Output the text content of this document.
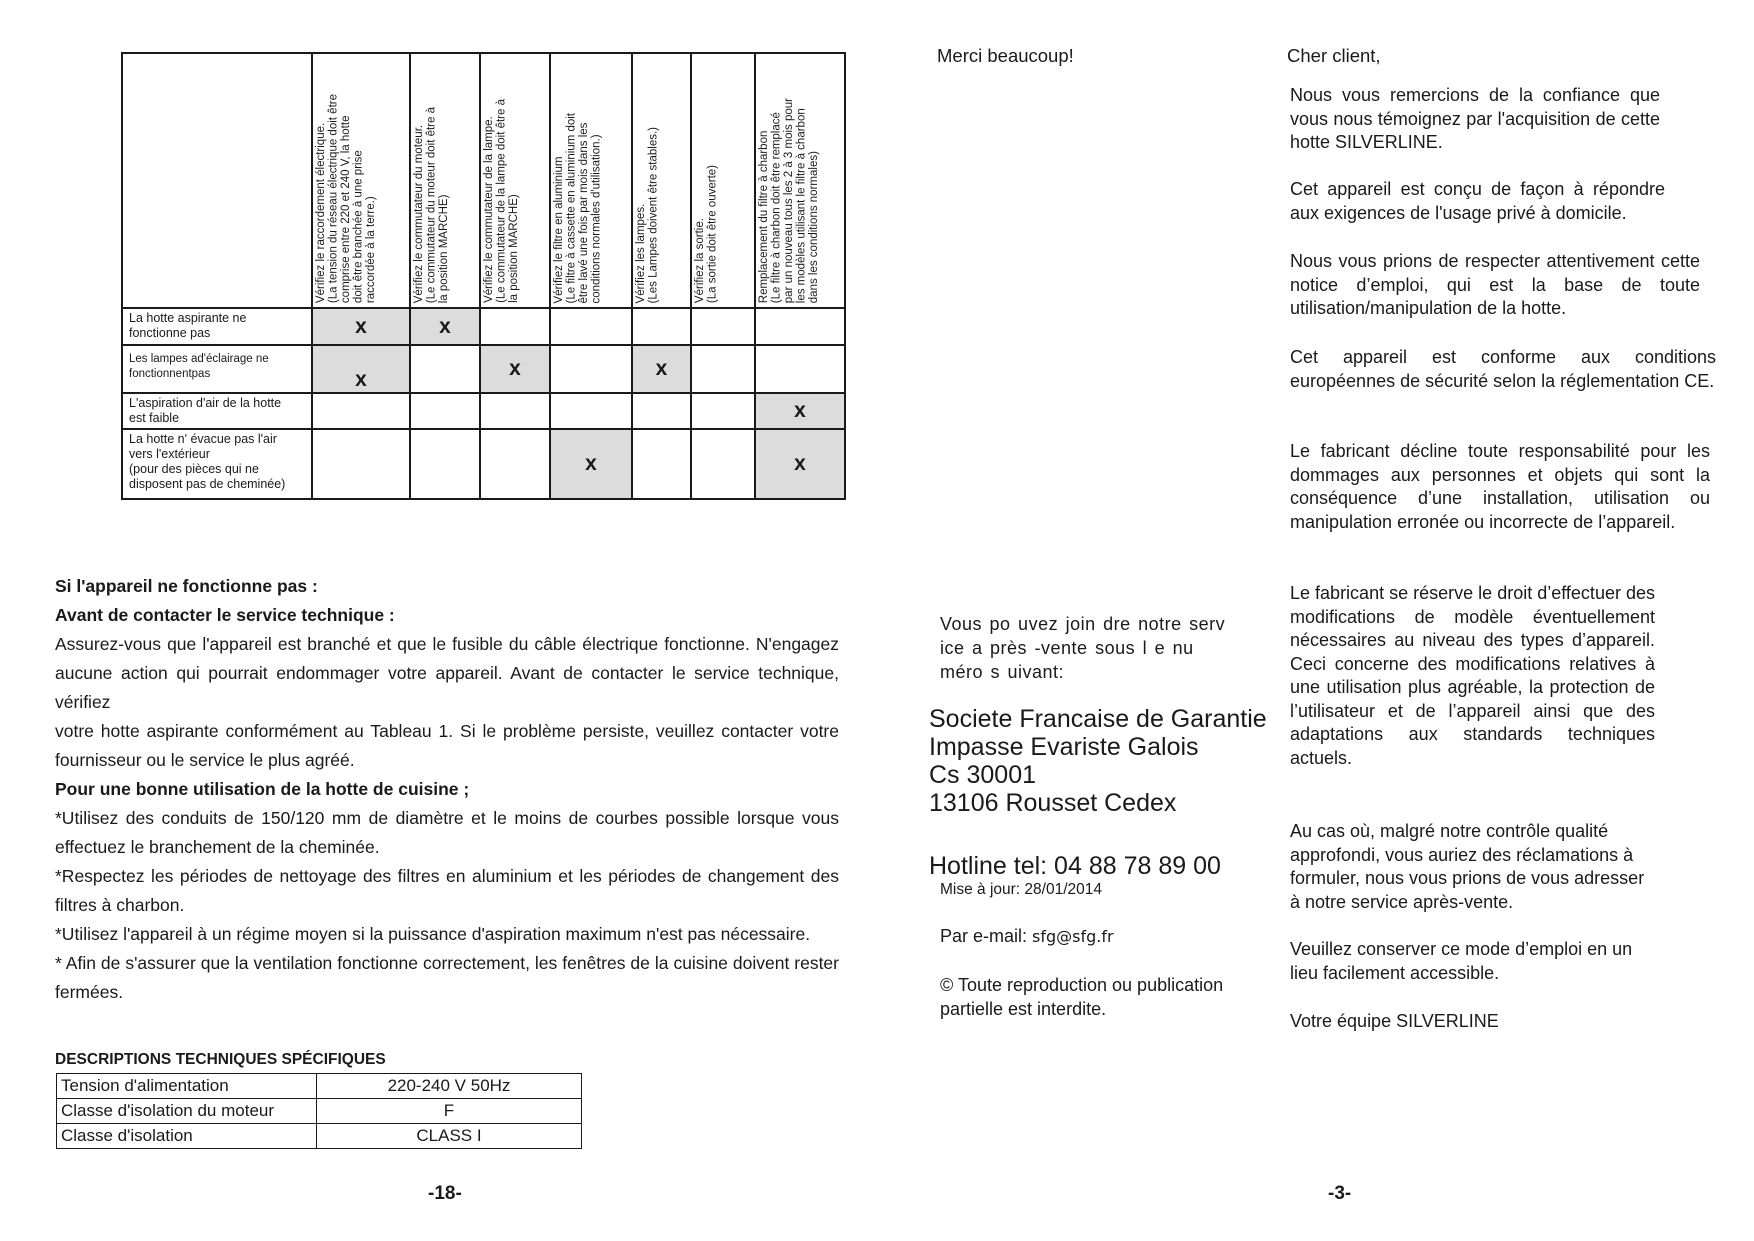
	Vérifiez le raccordement électrique.
(La tension du réseau électrique doit être
comprise entre 220 et 240 V, la hotte
doit être branchée à une prise
raccordée à la terre.)	Vérifiez le commutateur du moteur.
(Le commutateur du moteur doit être à
la position MARCHE)	Vérifiez le commutateur de la lampe.
(Le commutateur de la lampe doit être à
la position MARCHE)	Vérifiez le filtre en aluminium
(Le filtre à cassette en aluminium doit
être lavé une fois par mois dans les
conditions normales d'utilisation.)	Vérifiez les lampes.
(Les Lampes doivent être stables.)	Vérifiez la sortie.
(La sortie doit être ouverte)	Remplacement du filtre à charbon
(Le filtre à charbon doit être remplacé
par un nouveau tous les 2 à 3 mois pour
les modèles utilisant le filtre à charbon
dans les conditions normales)

La hotte aspirante ne
fonctionne pas	x	x					
Les lampes ad'éclairage ne
fonctionnentpas	x		x		x		
L'aspiration d'air de la hotte
est faible							x
La hotte n' évacue pas l'air
vers l'extérieur
(pour des pièces qui ne
disposent pas de cheminée)				x			x

Si l'appareil ne fonctionne pas :

Avant de contacter le service technique :

Assurez-vous que l'appareil est branché et que le fusible du câble électrique fonctionne. N'engagez aucune action qui pourrait endommager votre appareil. Avant de contacter le service technique, vérifiez

votre hotte aspirante conformément au Tableau 1. Si le problème persiste, veuillez contacter votre fournisseur ou le service le plus agréé.

Pour une bonne utilisation de la hotte de cuisine ;

*Utilisez des conduits de 150/120 mm de diamètre et le moins de courbes possible lorsque vous effectuez le branchement de la cheminée.

*Respectez les périodes de nettoyage des filtres en aluminium et les périodes de changement des filtres à charbon.

*Utilisez l'appareil à un régime moyen si la puissance d'aspiration maximum n'est pas nécessaire.

* Afin de s'assurer que la ventilation fonctionne correctement, les fenêtres de la cuisine doivent rester fermées.

DESCRIPTIONS TECHNIQUES SPÉCIFIQUES
Tension d'alimentation	220-240 V 50Hz
Classe d'isolation du moteur	F
Classe d'isolation	CLASS I
-18-
Merci beaucoup!
Vous po uvez join dre notre serv ice a près -vente sous l e nu méro s uivant:
Societe Francaise de Garantie
Impasse Evariste Galois
Cs 30001
13106 Rousset Cedex
Hotline tel: 04 88 78 89 00
Mise à jour: 28/01/2014
Par e-mail: sfg@sfg.fr
© Toute reproduction ou publication partielle est interdite.
-3-
Cher client,

Nous vous remercions de la confiance que vous nous témoignez par l'acquisition de cette hotte SILVERLINE.

Cet appareil est conçu de façon à répondre aux exigences de l'usage privé à domicile.

Nous vous prions de respecter attentivement cette notice d’emploi, qui est la base de toute utilisation/manipulation de la hotte.

Cet appareil est conforme aux conditions européennes de sécurité selon la réglementation CE.

Le fabricant décline toute responsabilité pour les dommages aux personnes et objets qui sont la conséquence d’une installation, utilisation ou manipulation erronée ou incorrecte de l’appareil.

Le fabricant se réserve le droit d’effectuer des modifications de modèle éventuellement nécessaires au niveau des types d’appareil. Ceci concerne des modifications relatives à une utilisation plus agréable, la protection de l’utilisateur et de l’appareil ainsi que des adaptations aux standards techniques actuels.

Au cas où, malgré notre contrôle qualité approfondi, vous auriez des réclamations à formuler, nous vous prions de vous adresser à notre service après-vente.

Veuillez conserver ce mode d’emploi en un lieu facilement accessible.

Votre équipe SILVERLINE
